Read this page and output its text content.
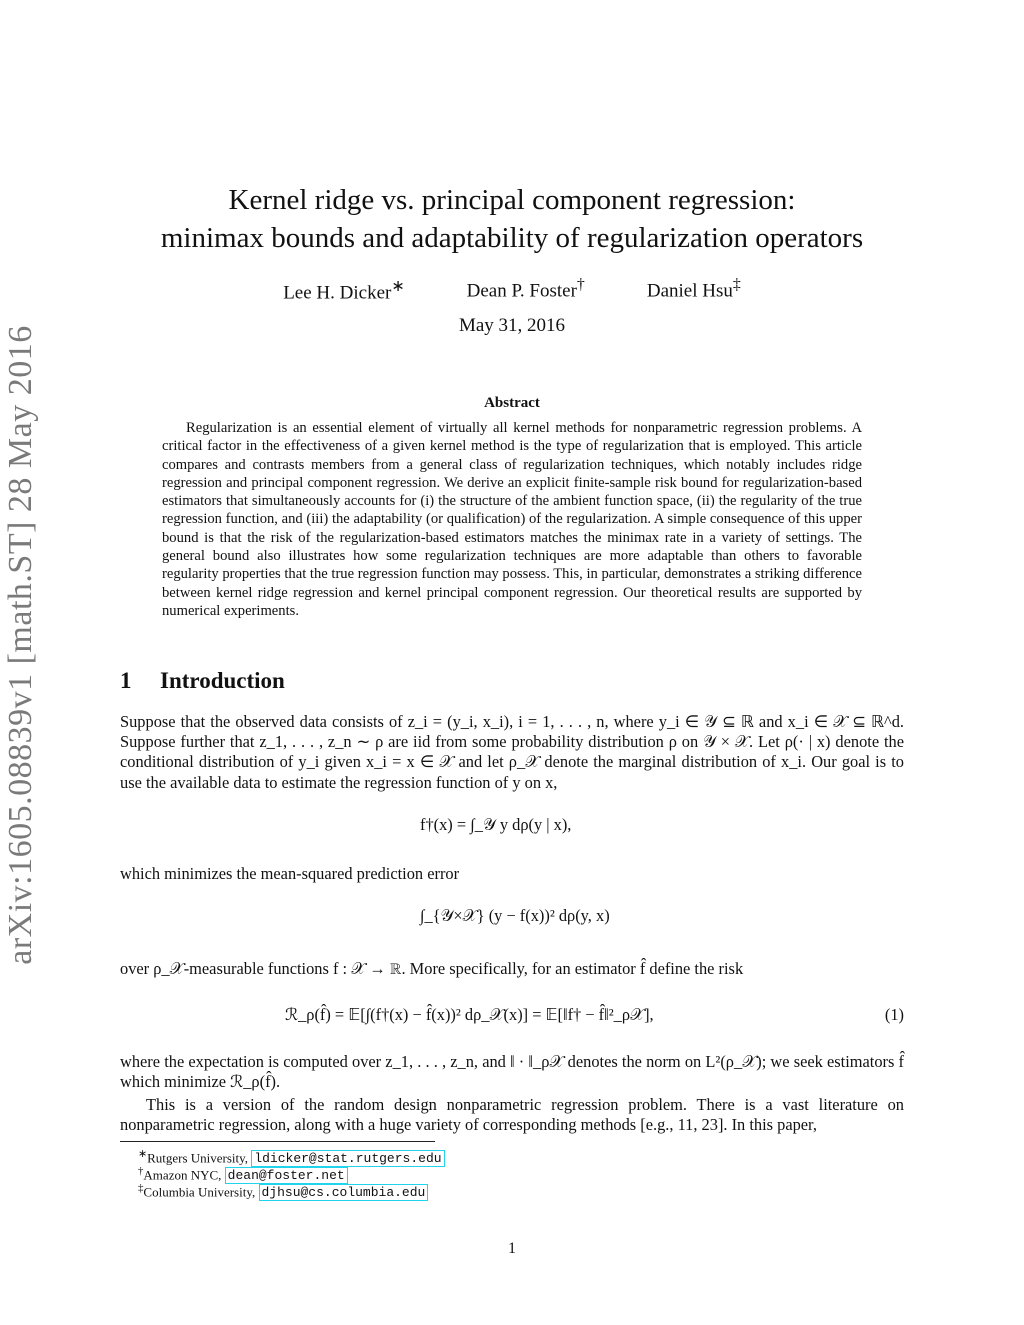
arXiv:1605.08839v1 [math.ST] 28 May 2016
Kernel ridge vs. principal component regression:
minimax bounds and adaptability of regularization operators
Lee H. Dicker∗	Dean P. Foster†	Daniel Hsu‡
May 31, 2016
Abstract

Regularization is an essential element of virtually all kernel methods for nonparametric regression problems. A critical factor in the effectiveness of a given kernel method is the type of regularization that is employed. This article compares and contrasts members from a general class of regularization techniques, which notably includes ridge regression and principal component regression. We derive an explicit finite-sample risk bound for regularization-based estimators that simultaneously accounts for (i) the structure of the ambient function space, (ii) the regularity of the true regression function, and (iii) the adaptability (or qualification) of the regularization. A simple consequence of this upper bound is that the risk of the regularization-based estimators matches the minimax rate in a variety of settings. The general bound also illustrates how some regularization techniques are more adaptable than others to favorable regularity properties that the true regression function may possess. This, in particular, demonstrates a striking difference between kernel ridge regression and kernel principal component regression. Our theoretical results are supported by numerical experiments.

1 Introduction
Suppose that the observed data consists of z_i = (y_i, x_i), i = 1, . . . , n, where y_i ∈ 𝒴 ⊆ ℝ and x_i ∈ 𝒳 ⊆ ℝ^d. Suppose further that z_1, . . . , z_n ∼ ρ are iid from some probability distribution ρ on 𝒴 × 𝒳. Let ρ(· | x) denote the conditional distribution of y_i given x_i = x ∈ 𝒳 and let ρ_𝒳 denote the marginal distribution of x_i. Our goal is to use the available data to estimate the regression function of y on x,
f†(x) = ∫_𝒴 y dρ(y | x),
which minimizes the mean-squared prediction error
∫_{𝒴×𝒳} (y − f(x))² dρ(y, x)
over ρ_𝒳-measurable functions f : 𝒳 → ℝ. More specifically, for an estimator f̂ define the risk
ℛ_ρ(f̂) = 𝔼[∫(f†(x) − f̂(x))² dρ_𝒳(x)] = 𝔼[‖f† − f̂‖²_ρ𝒳],	(1)
where the expectation is computed over z_1, . . . , z_n, and ‖ · ‖_ρ𝒳 denotes the norm on L²(ρ_𝒳); we seek estimators f̂ which minimize ℛ_ρ(f̂).
This is a version of the random design nonparametric regression problem. There is a vast literature on nonparametric regression, along with a huge variety of corresponding methods [e.g., 11, 23]. In this paper,
∗Rutgers University, ldicker@stat.rutgers.edu
†Amazon NYC, dean@foster.net
‡Columbia University, djhsu@cs.columbia.edu
1
